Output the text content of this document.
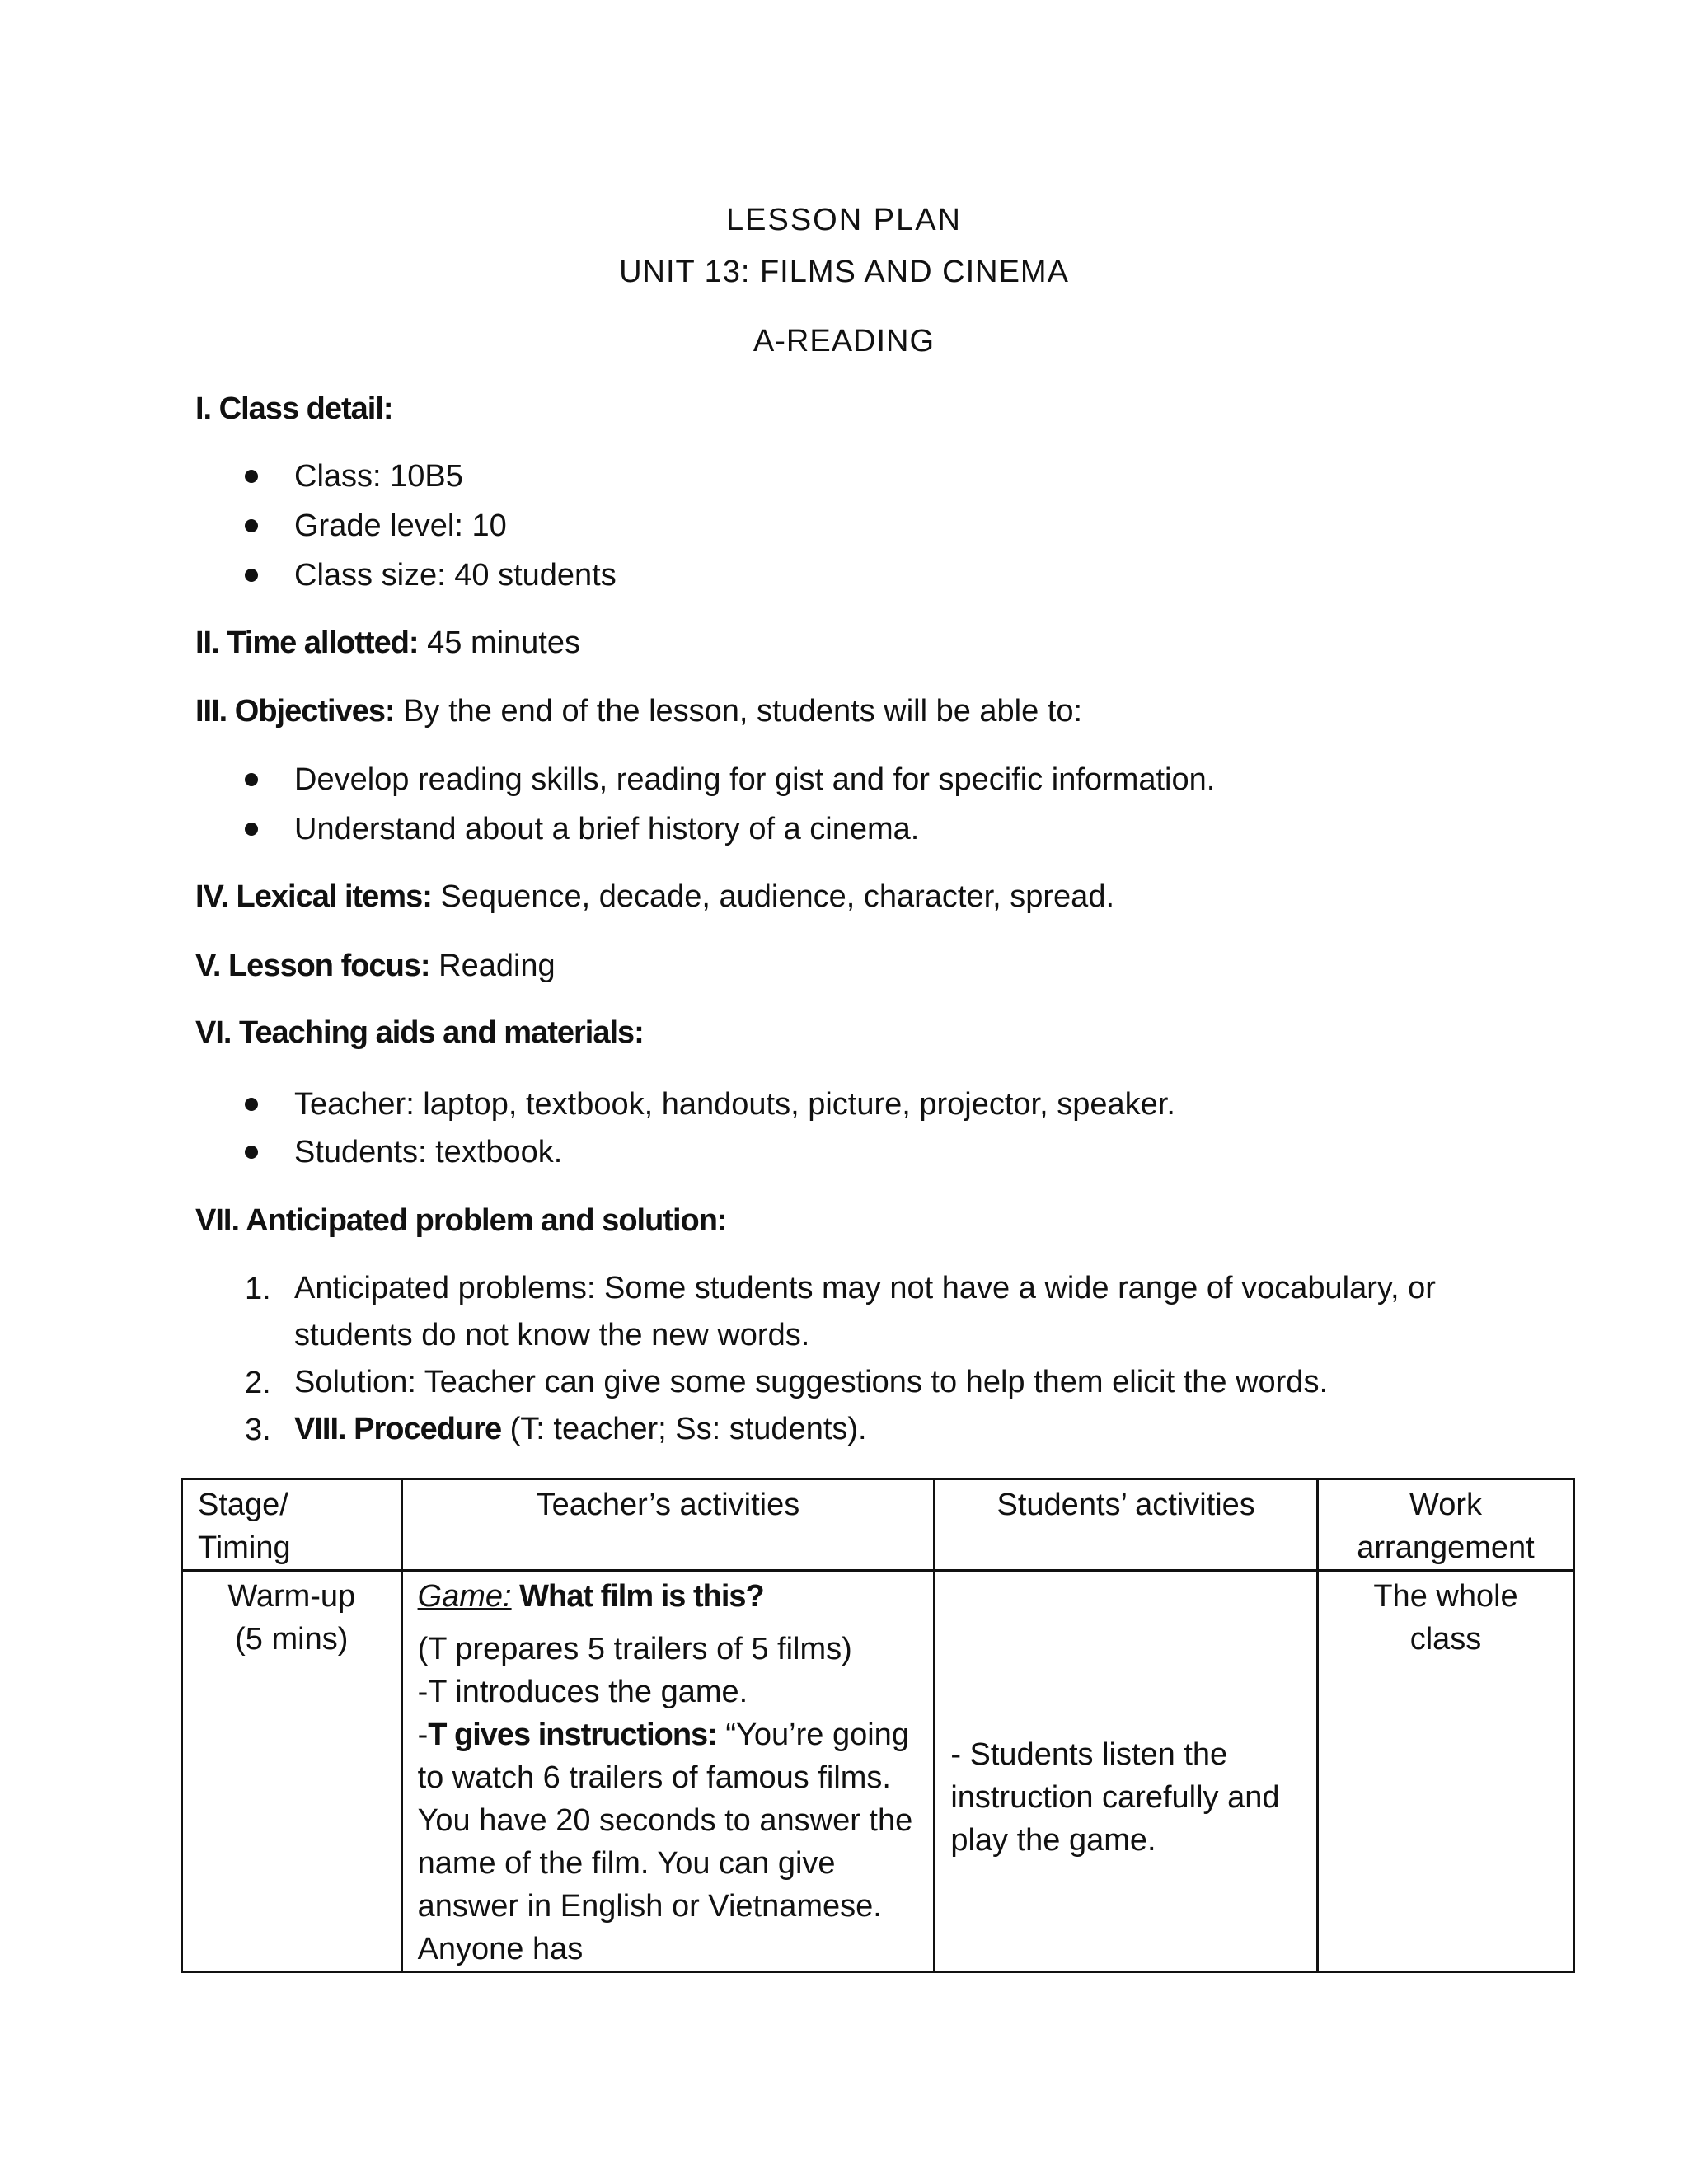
LESSON PLAN
UNIT 13: FILMS AND CINEMA
A-READING
I. Class detail:
Class: 10B5
Grade level: 10
Class size: 40 students
II. Time allotted: 45 minutes
III. Objectives: By the end of the lesson, students will be able to:
Develop reading skills, reading for gist and for specific information.
Understand about a brief history of a cinema.
IV. Lexical items: Sequence, decade, audience, character, spread.
V. Lesson focus: Reading
VI. Teaching aids and materials:
Teacher: laptop, textbook, handouts, picture, projector, speaker.
Students: textbook.
VII. Anticipated problem and solution:
1. Anticipated problems: Some students may not have a wide range of vocabulary, or students do not know the new words.
2. Solution: Teacher can give some suggestions to help them elicit the words.
3. VIII. Procedure (T: teacher; Ss: students).
Stage/
Timing	Teacher’s activities	Students’ activities	Work
arrangement

Warm-up
(5 mins)	Game: What film is this?
(T prepares 5 trailers of 5 films)
-T introduces the game.
-T gives instructions: “You’re going to watch 6 trailers of famous films. You have 20 seconds to answer the name of the film. You can give answer in English or Vietnamese. Anyone has	- Students listen the instruction carefully and play the game.	The whole
class
